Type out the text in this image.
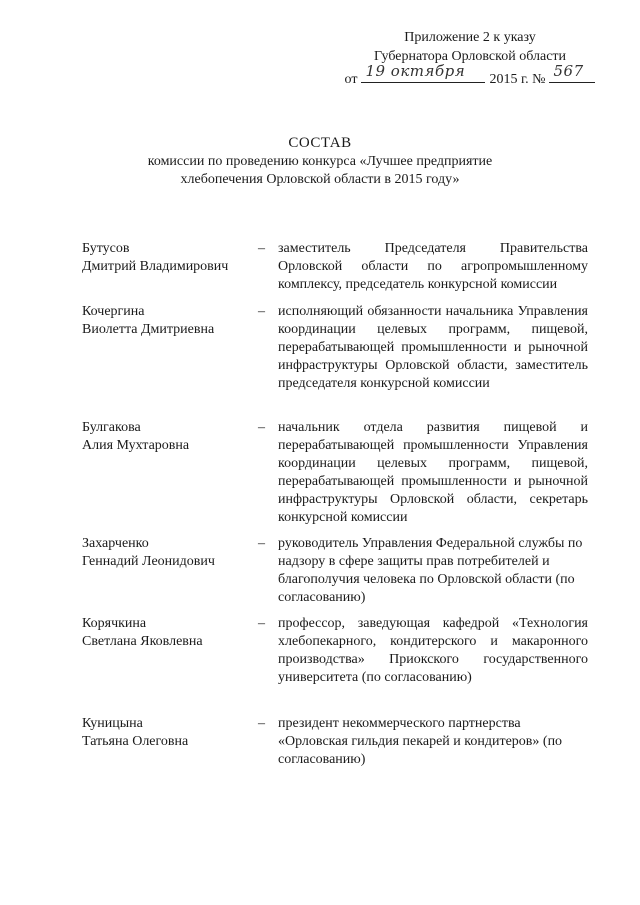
Приложение 2 к указу
Губернатора Орловской области
от 19 октября 2015 г. № 567
СОСТАВ
комиссии по проведению конкурса «Лучшее предприятие
хлебопечения Орловской области в 2015 году»
Бутусов
Дмитрий Владимирович
– заместитель Председателя Правительства Орловской области по агропромышленному комплексу, председатель конкурсной комиссии
Кочергина
Виолетта Дмитриевна
– исполняющий обязанности начальника Управления координации целевых программ, пищевой, перерабатывающей промышленности и рыночной инфраструктуры Орловской области, заместитель председателя конкурсной комиссии
Булгакова
Алия Мухтаровна
– начальник отдела развития пищевой и перерабатывающей промышленности Управления координации целевых программ, пищевой, перерабатывающей промышленности и рыночной инфраструктуры Орловской области, секретарь конкурсной комиссии
Захарченко
Геннадий Леонидович
– руководитель Управления Федеральной службы по надзору в сфере защиты прав потребителей и благополучия человека по Орловской области (по согласованию)
Корячкина
Светлана Яковлевна
– профессор, заведующая кафедрой «Технология хлебопекарного, кондитерского и макаронного производства» Приокского государственного университета (по согласованию)
Куницына
Татьяна Олеговна
– президент некоммерческого партнерства «Орловская гильдия пекарей и кондитеров» (по согласованию)
